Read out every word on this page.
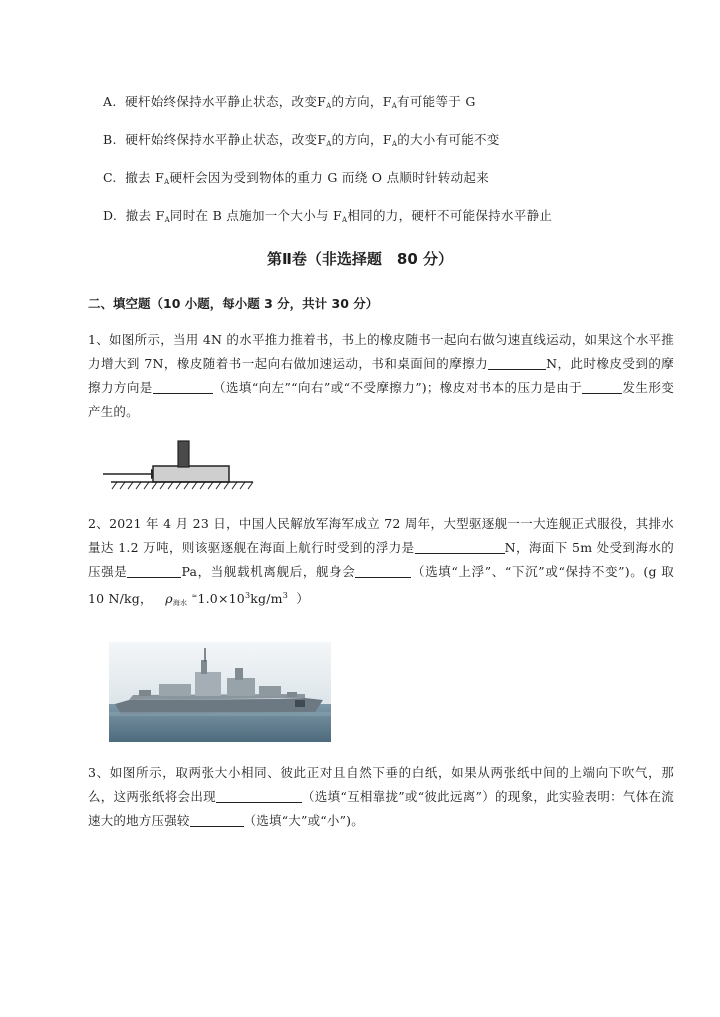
A. 硬杆始终保持水平静止状态，改变$F_A$的方向，$F_A$有可能等于 G
B. 硬杆始终保持水平静止状态，改变$F_A$的方向，$F_A$的大小有可能不变
C. 撤去 $F_A$硬杆会因为受到物体的重力 G 而绕 O 点顺时针转动起来
D. 撤去 $F_A$同时在 B 点施加一个大小与 $F_A$相同的力，硬杆不可能保持水平静止
第Ⅱ卷（非选择题　80 分）
二、填空题（10 小题，每小题 3 分，共计 30 分）
1、如图所示，当用 4N 的水平推力推着书，书上的橡皮随书一起向右做匀速直线运动，如果这个水平推力增大到 7N，橡皮随着书一起向右做加速运动，书和桌面间的摩擦力	N，此时橡皮受到的摩擦力方向是	（选填“向左”“向右”或“不受摩擦力”)；橡皮对书本的压力是由于	发生形变产生的。
2、2021 年 4 月 23 日，中国人民解放军海军成立 72 周年，大型驱逐舰一一大连舰正式服役，其排水量达 1.2 万吨，则该驱逐舰在海面上航行时受到的浮力是	N，海面下 5m 处受到海水的压强是	Pa，当舰载机离舰后，舰身会	（选填“上浮”、“下沉”或“保持不变”)。(g 取 10 N/kg， $\rho_{海水}$ $^\approx 1.0\times 10^3kg/m^3$ ）
3、如图所示，取两张大小相同、彼此正对且自然下垂的白纸，如果从两张纸中间的上端向下吹气，那么，这两张纸将会出现	（选填“互相靠拢”或“彼此远离”）的现象，此实验表明：气体在流速大的地方压强较	（选填“大”或“小”)。
